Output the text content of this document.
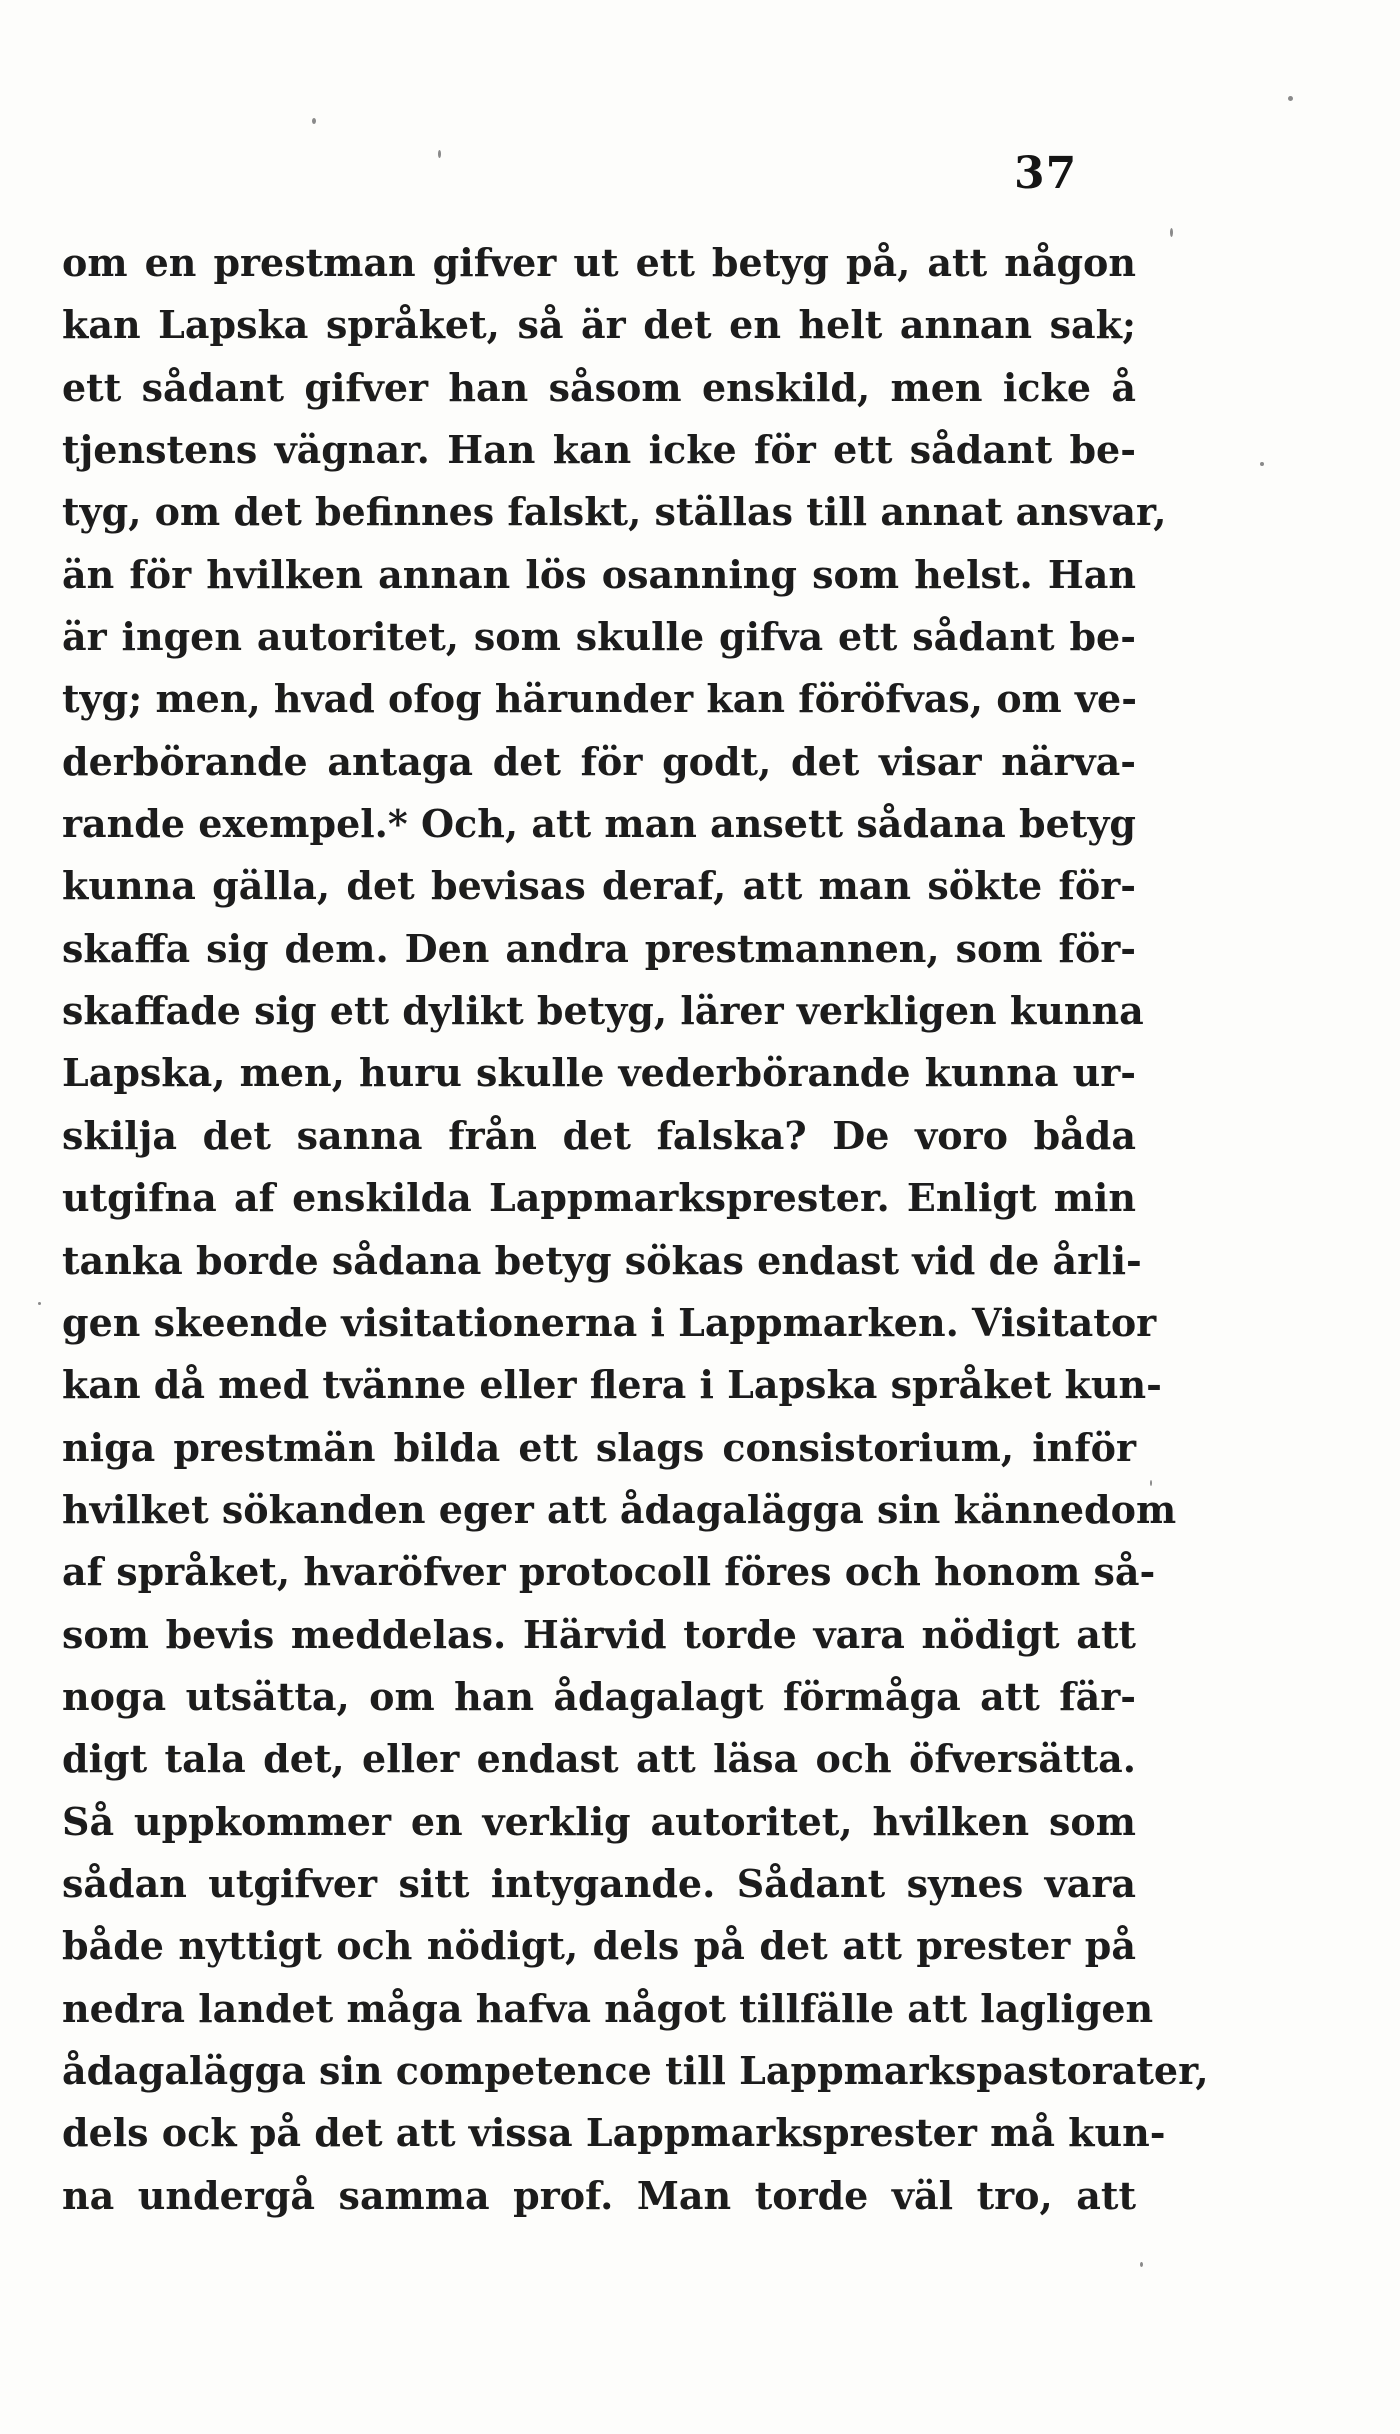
37
om en prestman gifver ut ett betyg på, att någon
kan Lapska språket, så är det en helt annan sak;
ett sådant gifver han såsom enskild, men icke å
tjenstens vägnar. Han kan icke för ett sådant be-
tyg, om det befinnes falskt, ställas till annat ansvar,
än för hvilken annan lös osanning som helst. Han
är ingen autoritet, som skulle gifva ett sådant be-
tyg; men, hvad ofog härunder kan föröfvas, om ve-
derbörande antaga det för godt, det visar närva-
rande exempel.* Och, att man ansett sådana betyg
kunna gälla, det bevisas deraf, att man sökte för-
skaffa sig dem. Den andra prestmannen, som för-
skaffade sig ett dylikt betyg, lärer verkligen kunna
Lapska, men, huru skulle vederbörande kunna ur-
skilja det sanna från det falska? De voro båda
utgifna af enskilda Lappmarksprester. Enligt min
tanka borde sådana betyg sökas endast vid de årli-
gen skeende visitationerna i Lappmarken. Visitator
kan då med tvänne eller flera i Lapska språket kun-
niga prestmän bilda ett slags consistorium, inför
hvilket sökanden eger att ådagalägga sin kännedom
af språket, hvaröfver protocoll föres och honom så-
som bevis meddelas. Härvid torde vara nödigt att
noga utsätta, om han ådagalagt förmåga att fär-
digt tala det, eller endast att läsa och öfversätta.
Så uppkommer en verklig autoritet, hvilken som
sådan utgifver sitt intygande. Sådant synes vara
både nyttigt och nödigt, dels på det att prester på
nedra landet måga hafva något tillfälle att lagligen
ådagalägga sin competence till Lappmarkspastorater,
dels ock på det att vissa Lappmarksprester må kun-
na undergå samma prof. Man torde väl tro, att
